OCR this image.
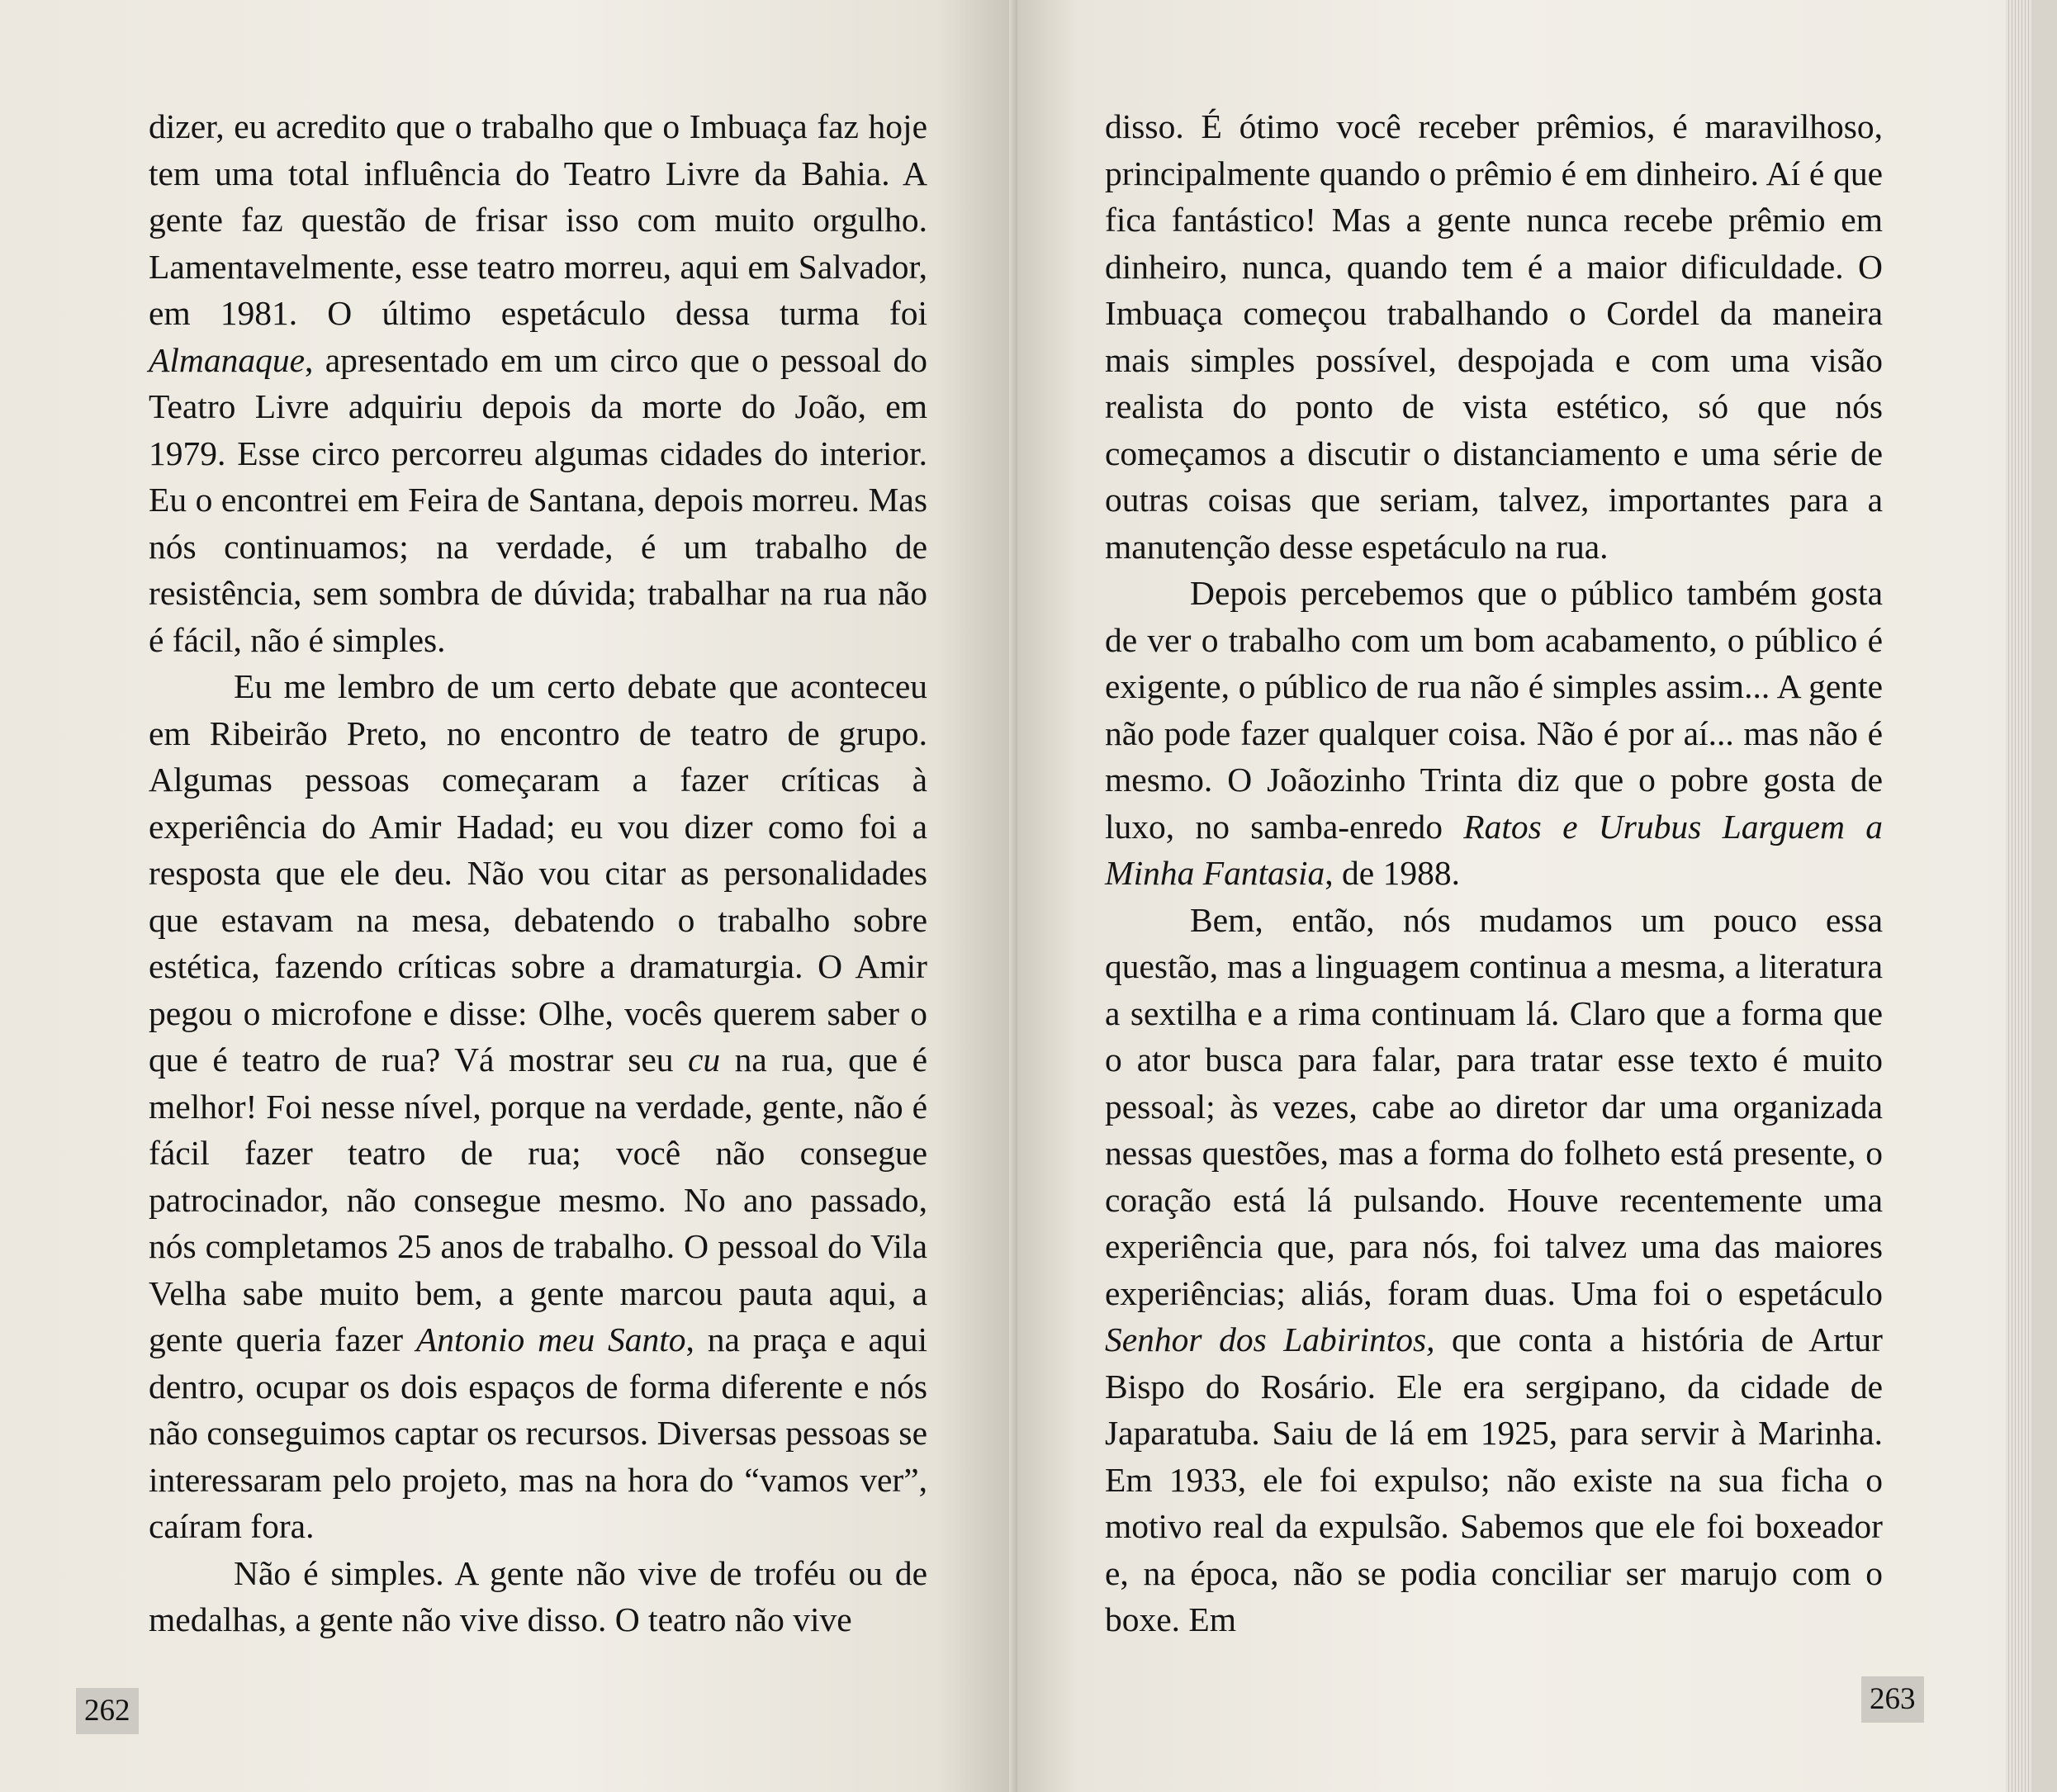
dizer, eu acredito que o trabalho que o Imbuaça faz hoje tem uma total influência do Teatro Livre da Bahia. A gente faz questão de frisar isso com muito orgulho. Lamentavelmente, esse teatro morreu, aqui em Salvador, em 1981. O último espetáculo dessa turma foi Almanaque, apresentado em um circo que o pessoal do Teatro Livre adquiriu depois da morte do João, em 1979. Esse circo percorreu algumas cidades do interior. Eu o encontrei em Feira de Santana, depois morreu. Mas nós continuamos; na verdade, é um trabalho de resistência, sem sombra de dúvida; trabalhar na rua não é fácil, não é simples.

Eu me lembro de um certo debate que aconteceu em Ribeirão Preto, no encontro de teatro de grupo. Algumas pessoas começaram a fazer críticas à experiência do Amir Hadad; eu vou dizer como foi a resposta que ele deu. Não vou citar as personalidades que estavam na mesa, debatendo o trabalho sobre estética, fazendo críticas sobre a dramaturgia. O Amir pegou o microfone e disse: Olhe, vocês querem saber o que é teatro de rua? Vá mostrar seu cu na rua, que é melhor! Foi nesse nível, porque na verdade, gente, não é fácil fazer teatro de rua; você não consegue patrocinador, não consegue mesmo. No ano passado, nós completamos 25 anos de trabalho. O pessoal do Vila Velha sabe muito bem, a gente marcou pauta aqui, a gente queria fazer Antonio meu Santo, na praça e aqui dentro, ocupar os dois espaços de forma diferente e nós não conseguimos captar os recursos. Diversas pessoas se interessaram pelo projeto, mas na hora do “vamos ver”, caíram fora.

Não é simples. A gente não vive de troféu ou de medalhas, a gente não vive disso. O teatro não vive

262

disso. É ótimo você receber prêmios, é maravilhoso, principalmente quando o prêmio é em dinheiro. Aí é que fica fantástico! Mas a gente nunca recebe prêmio em dinheiro, nunca, quando tem é a maior dificuldade. O Imbuaça começou trabalhando o Cordel da maneira mais simples possível, despojada e com uma visão realista do ponto de vista estético, só que nós começamos a discutir o distanciamento e uma série de outras coisas que seriam, talvez, importantes para a manutenção desse espetáculo na rua.

Depois percebemos que o público também gosta de ver o trabalho com um bom acabamento, o público é exigente, o público de rua não é simples assim... A gente não pode fazer qualquer coisa. Não é por aí... mas não é mesmo. O Joãozinho Trinta diz que o pobre gosta de luxo, no samba-enredo Ratos e Urubus Larguem a Minha Fantasia, de 1988.

Bem, então, nós mudamos um pouco essa questão, mas a linguagem continua a mesma, a literatura a sextilha e a rima continuam lá. Claro que a forma que o ator busca para falar, para tratar esse texto é muito pessoal; às vezes, cabe ao diretor dar uma organizada nessas questões, mas a forma do folheto está presente, o coração está lá pulsando. Houve recentemente uma experiência que, para nós, foi talvez uma das maiores experiências; aliás, foram duas. Uma foi o espetáculo Senhor dos Labirintos, que conta a história de Artur Bispo do Rosário. Ele era sergipano, da cidade de Japaratuba. Saiu de lá em 1925, para servir à Marinha. Em 1933, ele foi expulso; não existe na sua ficha o motivo real da expulsão. Sabemos que ele foi boxeador e, na época, não se podia conciliar ser marujo com o boxe. Em

263
